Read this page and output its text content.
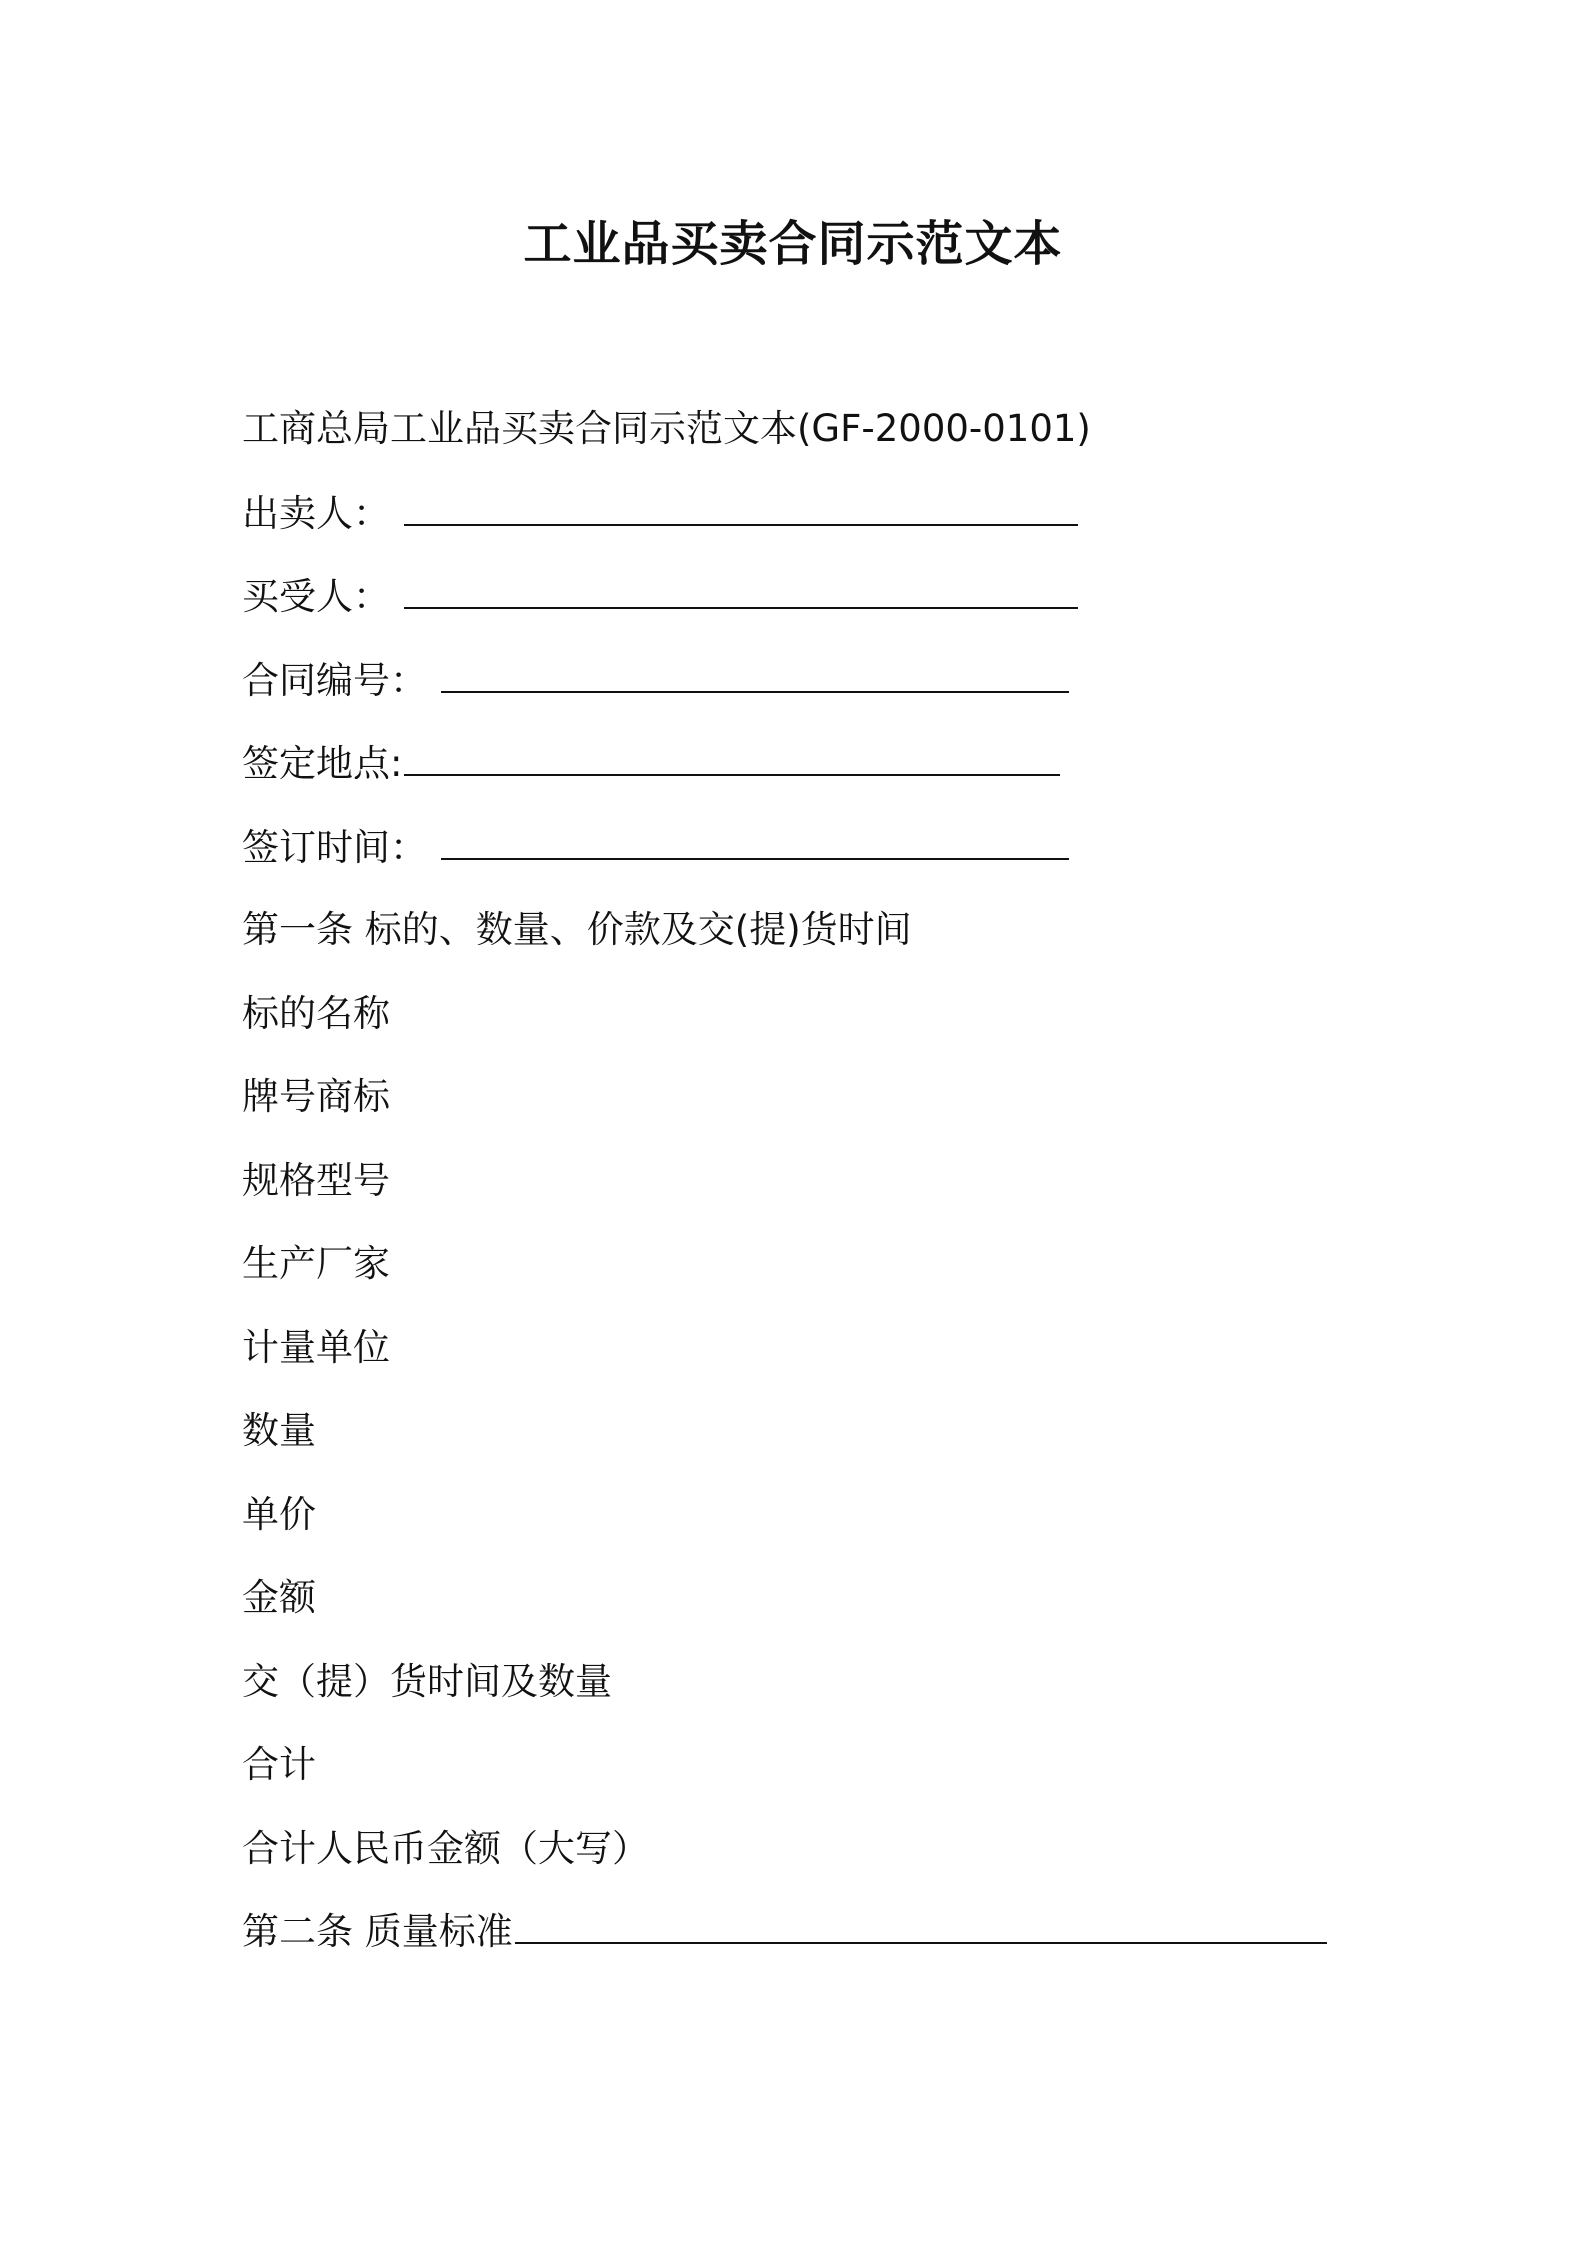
工业品买卖合同示范文本
工商总局工业品买卖合同示范文本(GF-2000-0101)
出卖人：
买受人：
合同编号：
签定地点:
签订时间：
第一条 标的、数量、价款及交(提)货时间
标的名称
牌号商标
规格型号
生产厂家
计量单位
数量
单价
金额
交（提）货时间及数量
合计
合计人民币金额（大写）
第二条 质量标准
